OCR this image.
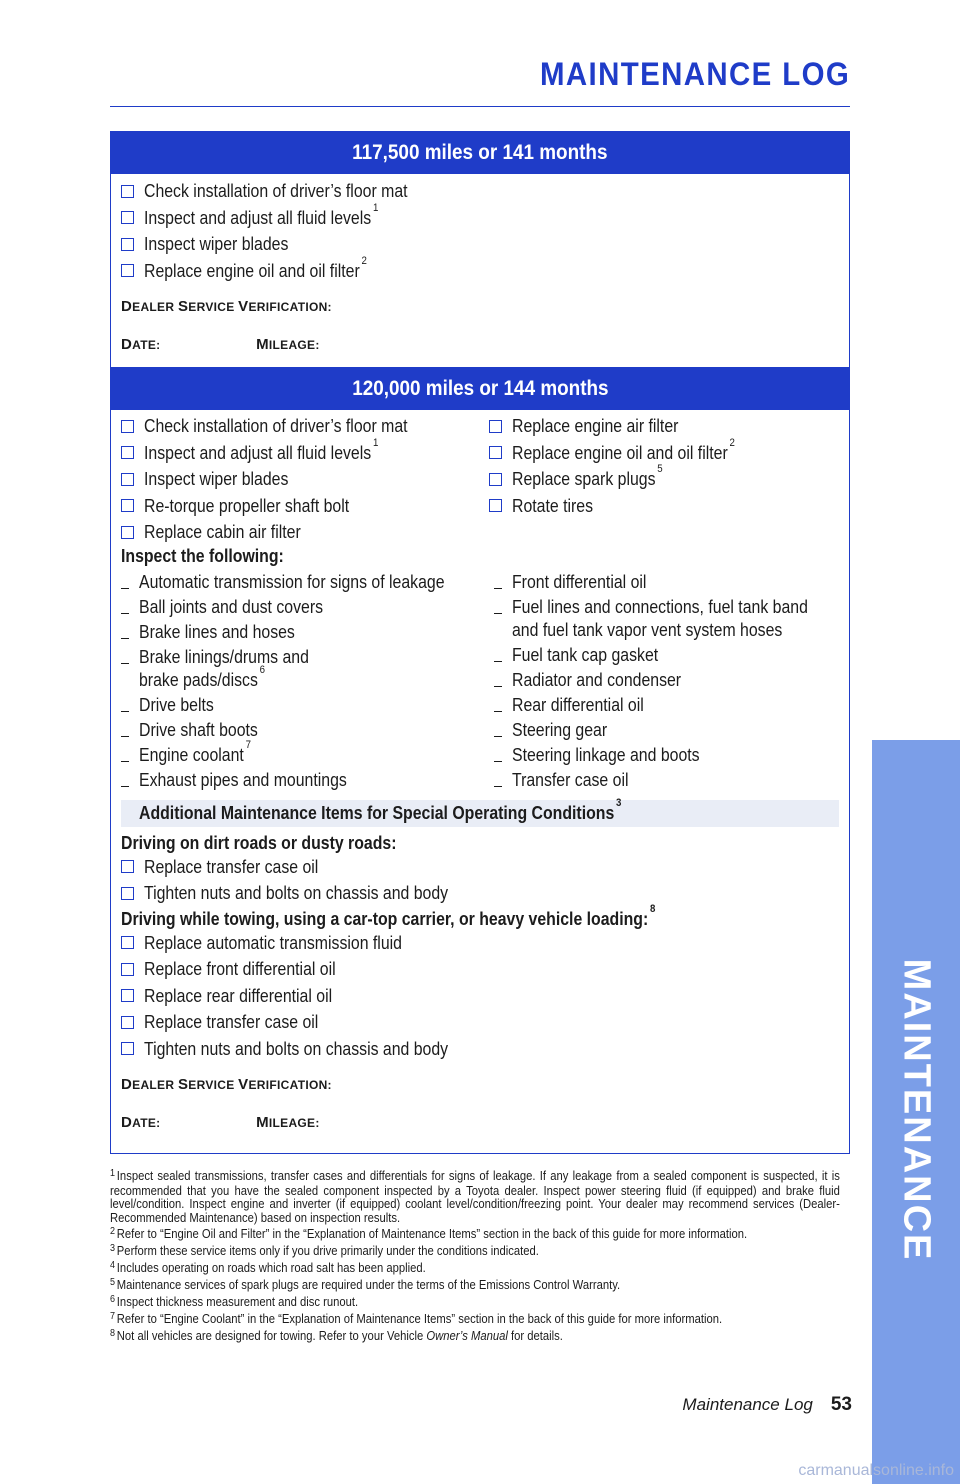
MAINTENANCE LOG
117,500 miles or 141 months
Check installation of driver’s floor mat
Inspect and adjust all fluid levels $^1$
Inspect wiper blades
Replace engine oil and oil filter $^2$
DEALER SERVICE VERIFICATION:
DATE:	MILEAGE:
120,000 miles or 144 months
Check installation of driver’s floor mat
Inspect and adjust all fluid levels $^1$
Inspect wiper blades
Re-torque propeller shaft bolt
Replace cabin air filter
Replace engine air filter
Replace engine oil and oil filter $^2$
Replace spark plugs $^5$
Rotate tires
Inspect the following:
Automatic transmission for signs of leakage
Ball joints and dust covers
Brake lines and hoses
Brake linings/drums and
brake pads/discs $^6$
Drive belts
Drive shaft boots
Engine coolant $^7$
Exhaust pipes and mountings
Front differential oil
Fuel lines and connections, fuel tank band
and fuel tank vapor vent system hoses
Fuel tank cap gasket
Radiator and condenser
Rear differential oil
Steering gear
Steering linkage and boots
Transfer case oil
Additional Maintenance Items for Special Operating Conditions $^3$
Driving on dirt roads or dusty roads:
Replace transfer case oil
Tighten nuts and bolts on chassis and body
Driving while towing, using a car-top carrier, or heavy vehicle loading: $^8$
Replace automatic transmission fluid
Replace front differential oil
Replace rear differential oil
Replace transfer case oil
Tighten nuts and bolts on chassis and body
DEALER SERVICE VERIFICATION:
DATE:	MILEAGE:
$^1$ Inspect sealed transmissions, transfer cases and differentials for signs of leakage. If any leakage from a sealed component is suspected, it is recommended that you have the sealed component inspected by a Toyota dealer. Inspect power steering fluid (if equipped) and brake fluid level/condition. Inspect engine and inverter (if equipped) coolant level/condition/freezing point. Your dealer may recommend services (Dealer-Recommended Maintenance) based on inspection results.
$^2$ Refer to “Engine Oil and Filter” in the “Explanation of Maintenance Items” section in the back of this guide for more information.
$^3$ Perform these service items only if you drive primarily under the conditions indicated.
$^4$ Includes operating on roads which road salt has been applied.
$^5$ Maintenance services of spark plugs are required under the terms of the Emissions Control Warranty.
$^6$ Inspect thickness measurement and disc runout.
$^7$ Refer to “Engine Coolant” in the “Explanation of Maintenance Items” section in the back of this guide for more information.
$^8$ Not all vehicles are designed for towing. Refer to your Vehicle Owner’s Manual for details.
Maintenance Log 53
MAINTENANCE
carmanualsonline.info
